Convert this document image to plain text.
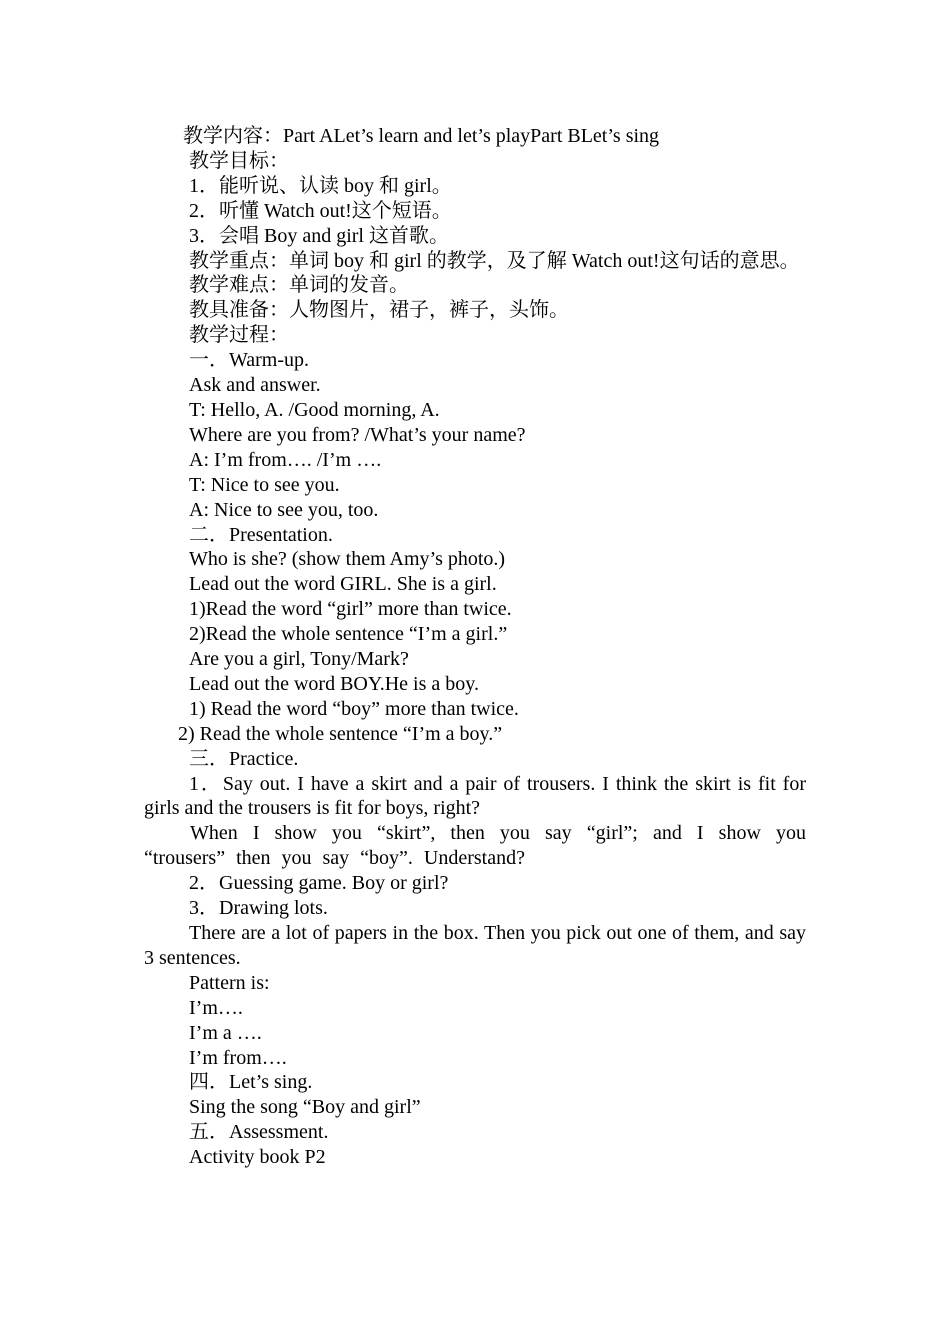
教学内容：Part ALet’s learn and let’s playPart BLet’s sing

教学目标：

1．能听说、认读 boy 和 girl。

2．听懂 Watch out!这个短语。

3．会唱 Boy and girl 这首歌。

教学重点：单词 boy 和 girl 的教学，及了解 Watch out!这句话的意思。

教学难点：单词的发音。

教具准备：人物图片，裙子，裤子，头饰。

教学过程：

一．Warm-up.

Ask and answer.

T: Hello, A. /Good morning, A.

Where are you from? /What’s your name?

A: I’m from…. /I’m ….

T: Nice to see you.

A: Nice to see you, too.

二．Presentation.

Who is she? (show them Amy’s photo.)

Lead out the word GIRL. She is a girl.

1)Read the word “girl” more than twice.

2)Read the whole sentence “I’m a girl.”

Are you a girl, Tony/Mark?

Lead out the word BOY.He is a boy.

1) Read the word “boy” more than twice.

2) Read the whole sentence “I’m a boy.”

三．Practice.

1．Say out. I have a skirt and a pair of trousers. I think the skirt is fit for girls and the trousers is fit for boys, right?

When I show you “skirt”, then you say “girl”; and I show you “trousers” then you say “boy”. Understand?

2．Guessing game. Boy or girl?

3．Drawing lots.

There are a lot of papers in the box. Then you pick out one of them, and say 3 sentences.

Pattern is:

I’m….

I’m a ….

I’m from….

四．Let’s sing.

Sing the song “Boy and girl”

五．Assessment.

Activity book P2
